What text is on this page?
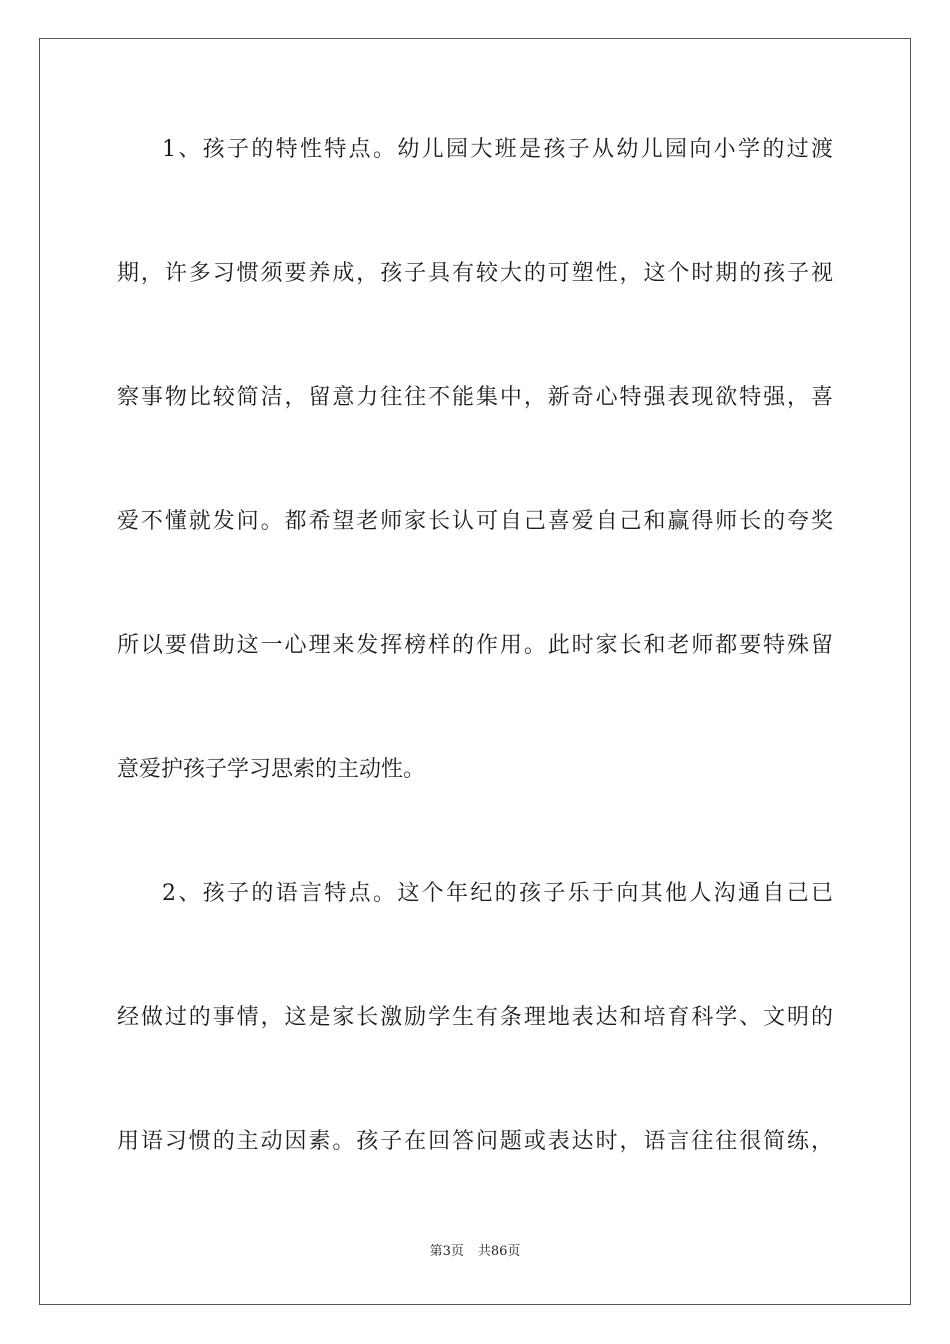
1、孩子的特性特点。幼儿园大班是孩子从幼儿园向小学的过渡
期，许多习惯须要养成，孩子具有较大的可塑性，这个时期的孩子视
察事物比较简洁，留意力往往不能集中，新奇心特强表现欲特强，喜
爱不懂就发问。都希望老师家长认可自己喜爱自己和赢得师长的夸奖
所以要借助这一心理来发挥榜样的作用。此时家长和老师都要特殊留
意爱护孩子学习思索的主动性。
2、孩子的语言特点。这个年纪的孩子乐于向其他人沟通自己已
经做过的事情，这是家长激励学生有条理地表达和培育科学、文明的
用语习惯的主动因素。孩子在回答问题或表达时，语言往往很简练，
第3页 共86页
